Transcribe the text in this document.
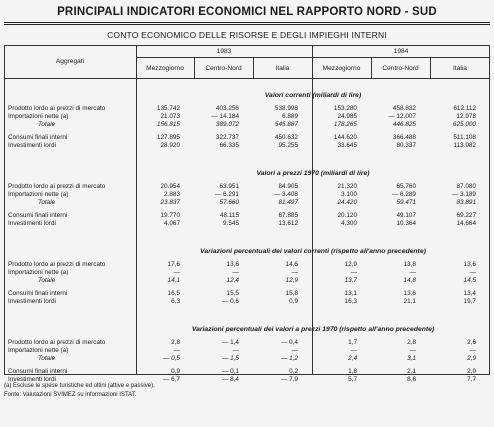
PRINCIPALI INDICATORI ECONOMICI NEL RAPPORTO NORD - SUD
CONTO ECONOMICO DELLE RISORSE E DEGLI IMPIEGHI INTERNI
Aggregati
1983	1984
Mezzogiorno	Centro-Nord	Italia	Mezzogiorno	Centro-Nord	Italia
Valori correnti (miliardi di lire)
Prodotto lordo ai prezzi di mercato	135.742	403.256	538.998	153.280	458.832	612.112
Importazioni nette (a)	21.073	— 14.184	6.889	24.985	— 12.007	12.978
Totale	156.815	389.072	545.887	178.265	446.825	625.000
Consumi finali interni	127.895	322.737	450.632	144.620	366.488	511.108
Investimenti lordi	28.920	66.335	95.255	33.645	80.337	113.982
Valori a prezzi 1970 (miliardi di lire)
Prodotto lordo ai prezzi di mercato	20.954	63.951	84.905	21.320	65.760	87.080
Importazioni nette (a)	2.883	— 6.291	— 3.408	3.100	— 6.289	— 3.189
Totale	23.837	57.660	81.497	24.420	59.471	83.891
Consumi finali interni	19.770	48.115	67.885	20.120	49.107	69.227
Investimenti lordi	4.067	9.545	13.612	4.300	10.364	14.664
Variazioni percentuali dei valori correnti (rispetto all'anno precedente)
Prodotto lordo ai prezzi di mercato	17,6	13,6	14,6	12,9	13,8	13,6
Importazioni nette (a)	—	—	—	—	—	—
Totale	14,1	12,4	12,9	13,7	14,8	14,5
Consumi finali interni	16,5	15,5	15,8	13,1	13,6	13,4
Investimenti lordi	6,3	— 0,6	0,9	16,3	21,1	19,7
Variazioni percentuali dei valori a prezzi 1970 (rispetto all'anno precedente)
Prodotto lordo ai prezzi di mercato	2,8	— 1,4	— 0,4	1,7	2,8	2,6
Importazioni nette (a)	—	—	—	—	—	—
Totale	— 0,5	— 1,5	— 1,2	2,4	3,1	2,9
Consumi finali interni	0,9	— 0,1	0,2	1,8	2,1	2,0
Investimenti lordi	— 6,7	— 8,4	— 7,9	5,7	8,6	7,7
(a) Escluse le spese turistiche ed oltini (attive e passive).
Fonte: Valutazioni SVIMEZ su informazioni ISTAT.
